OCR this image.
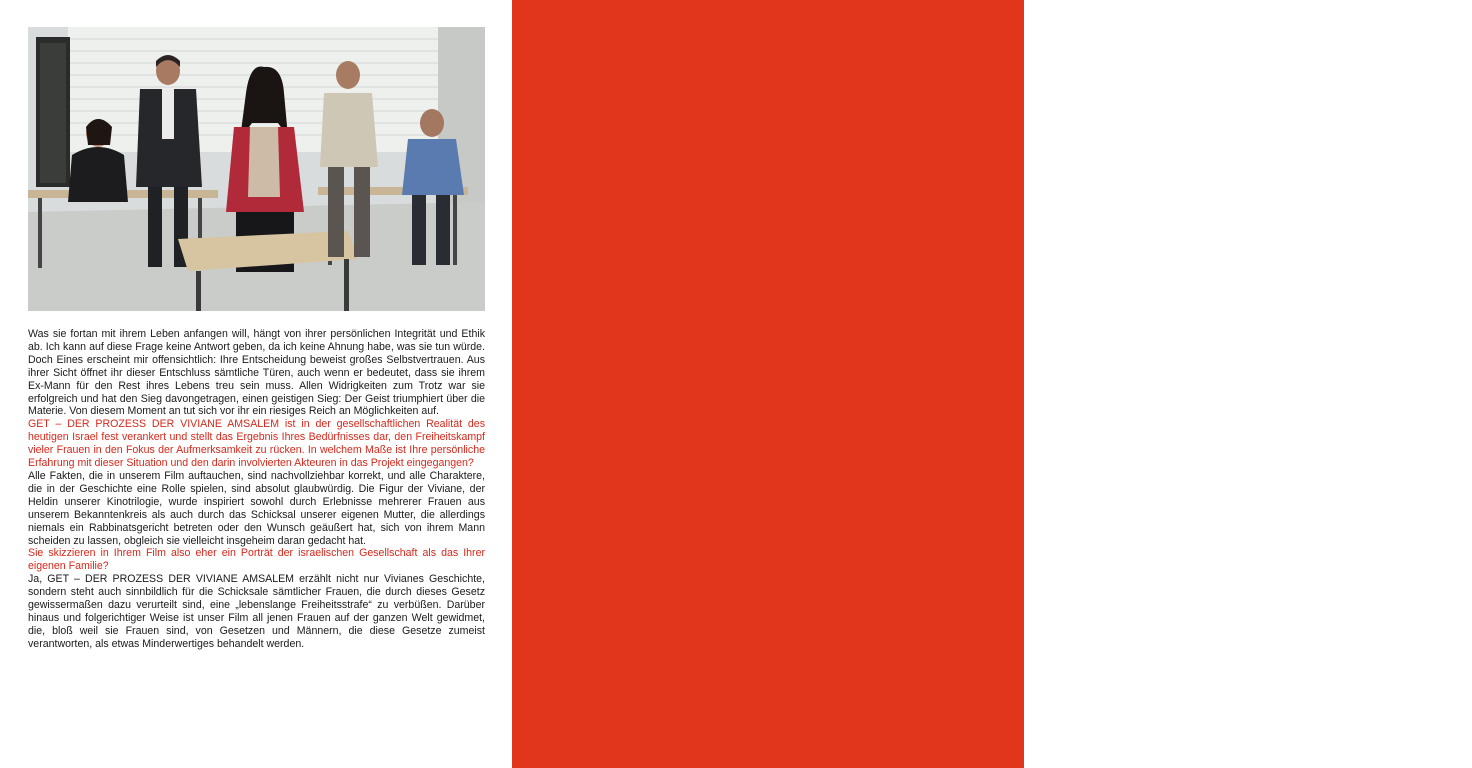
Was sie fortan mit ihrem Leben anfangen will, hängt von ihrer persönlichen Integrität und Ethik ab. Ich kann auf diese Frage keine Antwort geben, da ich keine Ahnung habe, was sie tun würde. Doch Eines erscheint mir offensichtlich: Ihre Entscheidung beweist großes Selbstvertrauen. Aus ihrer Sicht öffnet ihr dieser Entschluss sämtliche Türen, auch wenn er bedeutet, dass sie ihrem Ex-Mann für den Rest ihres Lebens treu sein muss. Allen Widrigkeiten zum Trotz war sie erfolgreich und hat den Sieg davongetragen, einen geistigen Sieg: Der Geist triumphiert über die Materie. Von diesem Moment an tut sich vor ihr ein riesiges Reich an Möglichkeiten auf.

GET – DER PROZESS DER VIVIANE AMSALEM ist in der gesellschaftlichen Realität des heutigen Israel fest verankert und stellt das Ergebnis Ihres Bedürfnisses dar, den Freiheitskampf vieler Frauen in den Fokus der Aufmerksamkeit zu rücken. In welchem Maße ist Ihre persönliche Erfahrung mit dieser Situation und den darin involvierten Akteuren in das Projekt eingegangen?

Alle Fakten, die in unserem Film auftauchen, sind nachvollziehbar korrekt, und alle Charaktere, die in der Geschichte eine Rolle spielen, sind absolut glaubwürdig. Die Figur der Viviane, der Heldin unserer Kinotrilogie, wurde inspiriert sowohl durch Erlebnisse mehrerer Frauen aus unserem Bekanntenkreis als auch durch das Schicksal unserer eigenen Mutter, die allerdings niemals ein Rabbinatsgericht betreten oder den Wunsch geäußert hat, sich von ihrem Mann scheiden zu lassen, obgleich sie vielleicht insgeheim daran gedacht hat.

Sie skizzieren in Ihrem Film also eher ein Porträt der israelischen Gesellschaft als das Ihrer eigenen Familie?

Ja, GET – DER PROZESS DER VIVIANE AMSALEM erzählt nicht nur Vivianes Geschichte, sondern steht auch sinnbildlich für die Schicksale sämtlicher Frauen, die durch dieses Gesetz gewissermaßen dazu verurteilt sind, eine „lebenslange Freiheitsstrafe“ zu verbüßen. Darüber hinaus und folgerichtiger Weise ist unser Film all jenen Frauen auf der ganzen Welt gewidmet, die, bloß weil sie Frauen sind, von Gesetzen und Männern, die diese Gesetze zumeist verantworten, als etwas Minderwertiges behandelt werden.

„Das wundervoll modulierte Drehbuch, voller Momente befreienden Humors, steuert zielstrebig auf einen befreienden Ausbruch der Schauspielerin hin, die schon vorher, allein durch ihr Schweigen, alle Aufmerksamkeit auf sich ziehen konnte. Ronit Elkabetz hat eine irdische, ikonenhafte Präsenz, die an Anna Magnani erinnert. Wenn Viviane schließlich genug hat von der Falle, in der sie sich befindet, sich in unpassendes Rot kleidet und ihr langes schwarzes Haar löst und auf ihre Schultern fallen lässt, kommt es einem Affront des Gerichts gleich, es ist ein eindeutiges Zeichen für die Befreiung der Frau.“

Variety
